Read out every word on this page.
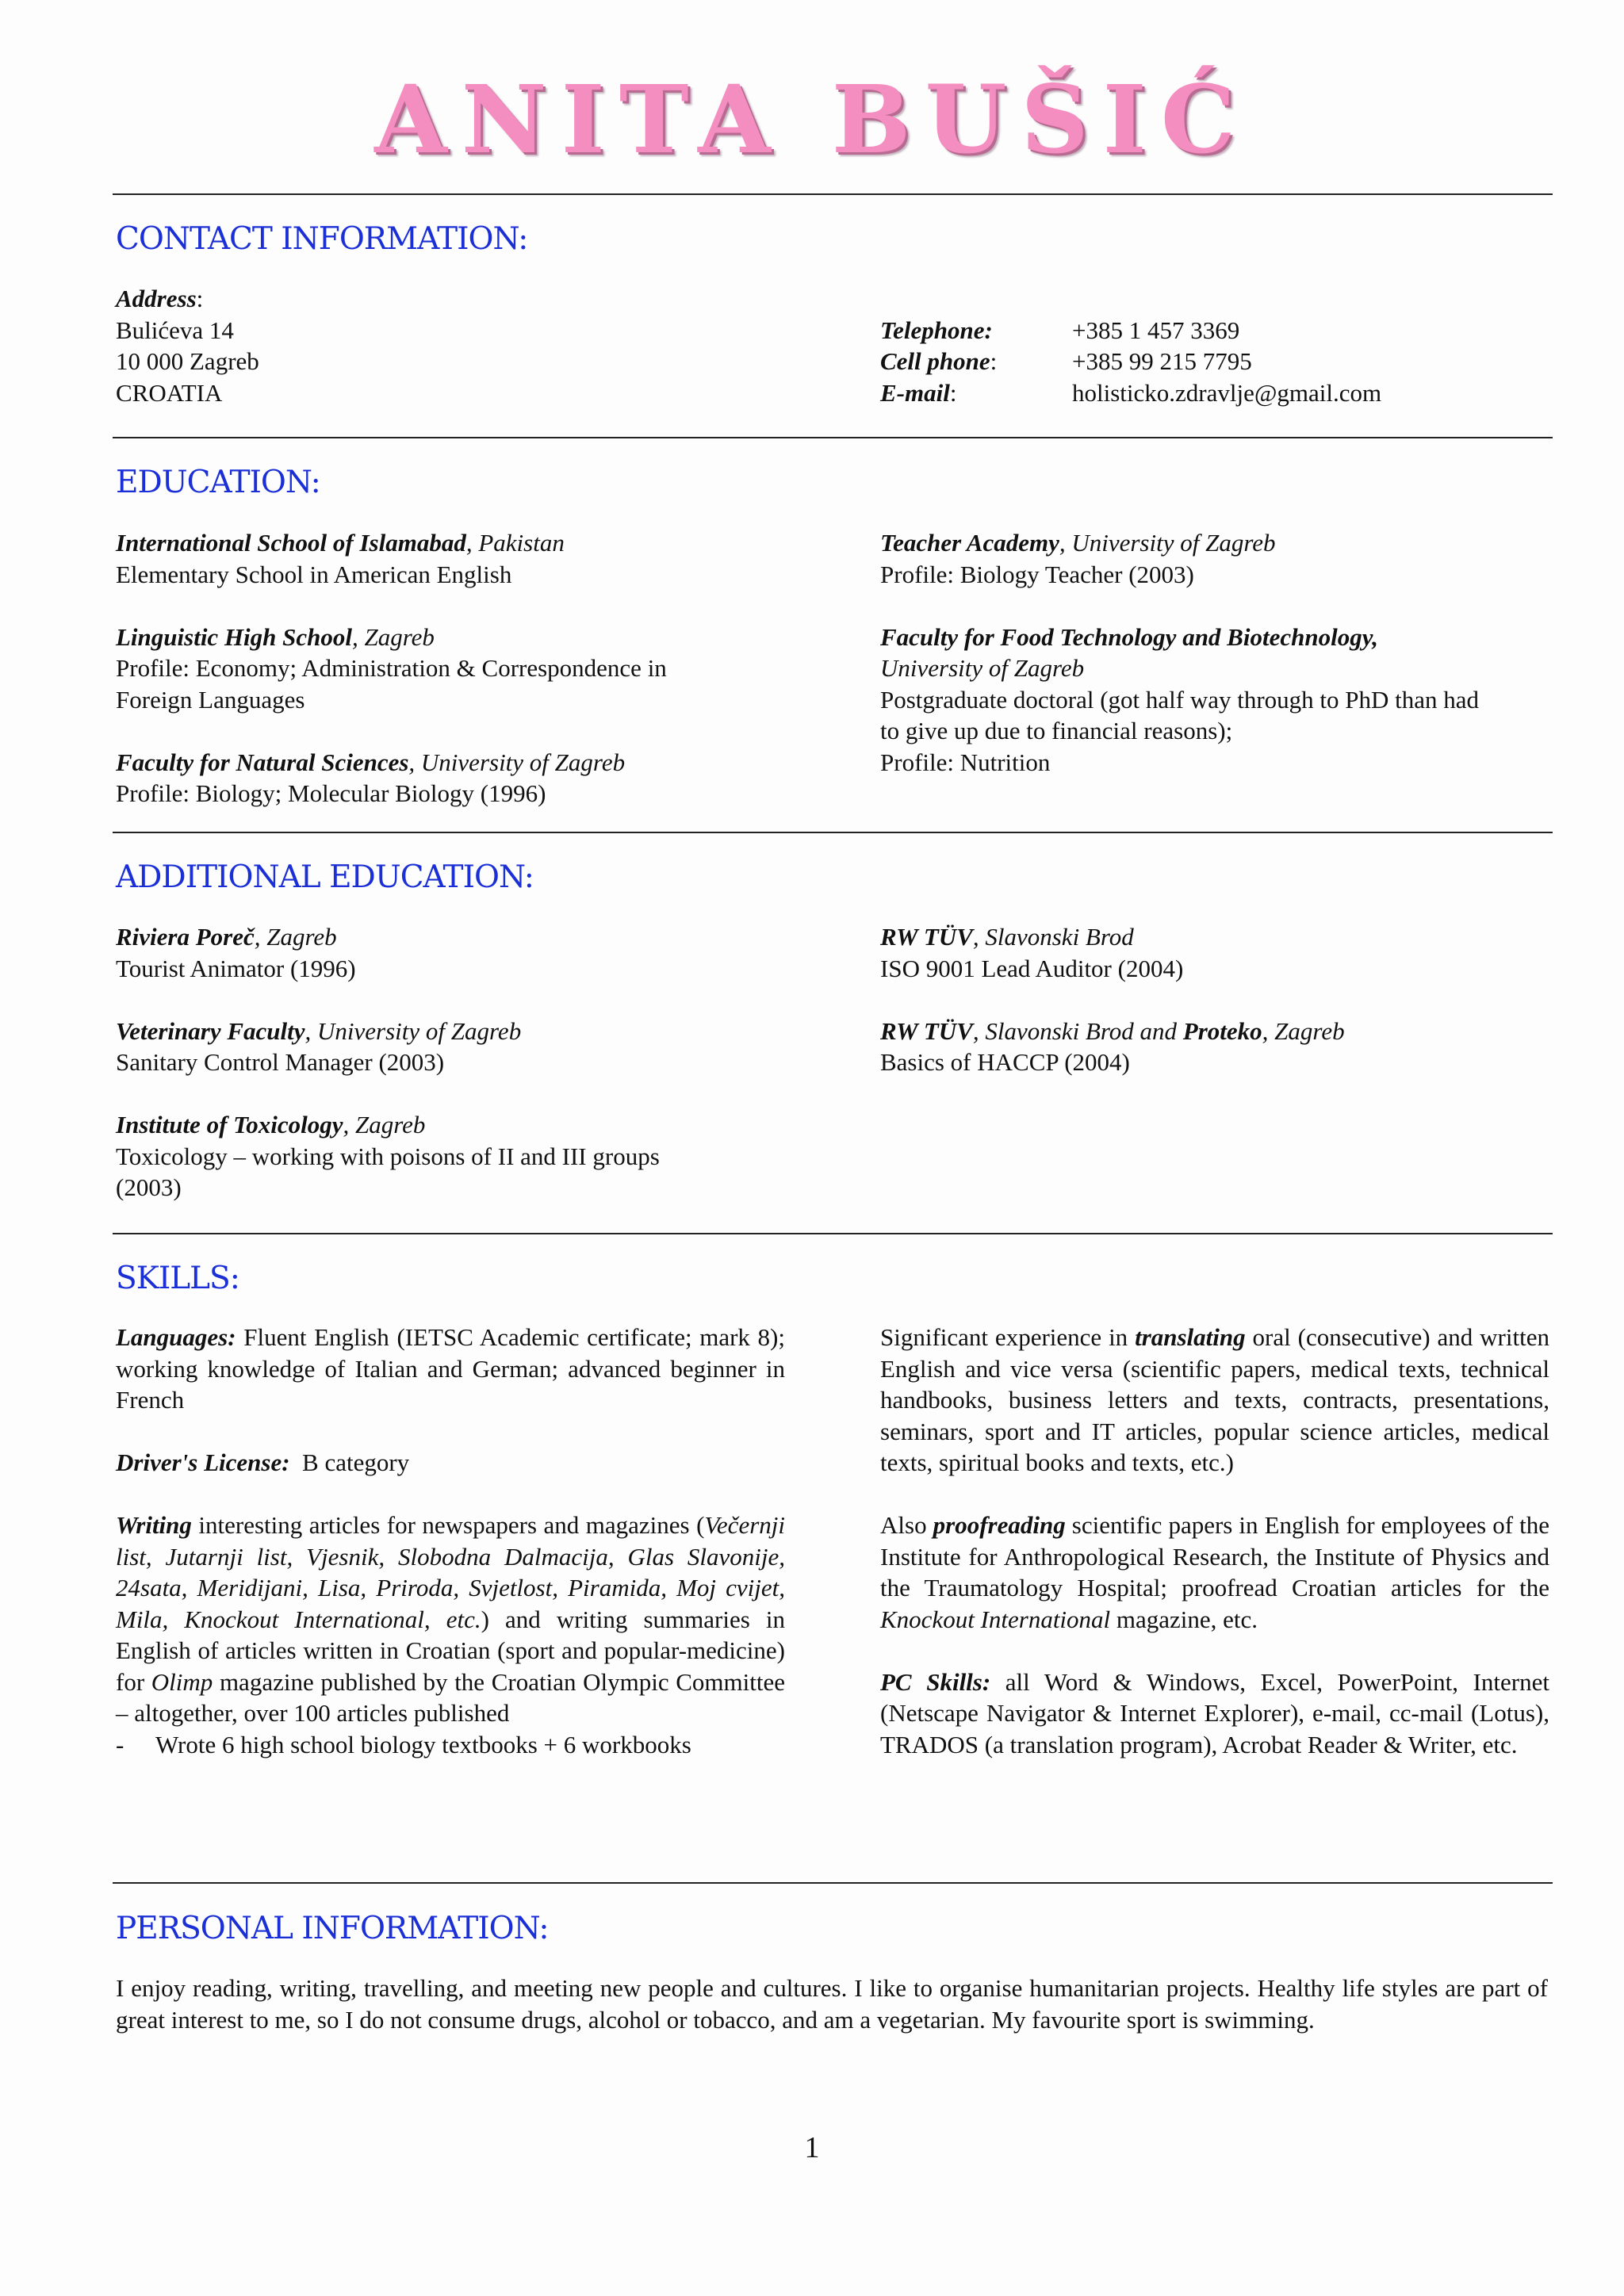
ANITA BUŠIĆ
CONTACT INFORMATION:
Address:
Bulićeva 14
10 000 Zagreb
CROATIA
Telephone:	+385 1 457 3369
Cell phone:	+385 99 215 7795
E-mail:	holisticko.zdravlje@gmail.com
EDUCATION:
International School of Islamabad, Pakistan
Elementary School in American English
Linguistic High School, Zagreb
Profile: Economy; Administration & Correspondence in
Foreign Languages
Faculty for Natural Sciences, University of Zagreb
Profile: Biology; Molecular Biology (1996)
Teacher Academy, University of Zagreb
Profile: Biology Teacher (2003)
Faculty for Food Technology and Biotechnology,
University of Zagreb
Postgraduate doctoral (got half way through to PhD than had
to give up due to financial reasons);
Profile: Nutrition
ADDITIONAL EDUCATION:
Riviera Poreč, Zagreb
Tourist Animator (1996)
Veterinary Faculty, University of Zagreb
Sanitary Control Manager (2003)
Institute of Toxicology, Zagreb
Toxicology – working with poisons of II and III groups
(2003)
RW TÜV, Slavonski Brod
ISO 9001 Lead Auditor (2004)
RW TÜV, Slavonski Brod and Proteko, Zagreb
Basics of HACCP (2004)
SKILLS:
Languages: Fluent English (IETSC Academic certificate; mark 8); working knowledge of Italian and German; advanced beginner in French
Driver's License:  B category
Writing interesting articles for newspapers and magazines (Večernji list, Jutarnji list, Vjesnik, Slobodna Dalmacija, Glas Slavonije, 24sata, Meridijani, Lisa, Priroda, Svjetlost, Piramida, Moj cvijet, Mila, Knockout International, etc.) and writing summaries in English of articles written in Croatian (sport and popular-medicine) for Olimp magazine published by the Croatian Olympic Committee – altogether, over 100 articles published
-	Wrote 6 high school biology textbooks + 6 workbooks
Significant experience in translating oral (consecutive) and written English and vice versa (scientific papers, medical texts, technical handbooks, business letters and texts, contracts, presentations, seminars, sport and IT articles, popular science articles, medical texts, spiritual books and texts, etc.)
Also proofreading scientific papers in English for employees of the Institute for Anthropological Research, the Institute of Physics and the Traumatology Hospital; proofread Croatian articles for the Knockout International magazine, etc.
PC Skills: all Word & Windows, Excel, PowerPoint, Internet (Netscape Navigator & Internet Explorer), e-mail, cc-mail (Lotus), TRADOS (a translation program), Acrobat Reader & Writer, etc.
PERSONAL INFORMATION:
I enjoy reading, writing, travelling, and meeting new people and cultures. I like to organise humanitarian projects. Healthy life styles are part of great interest to me, so I do not consume drugs, alcohol or tobacco, and am a vegetarian. My favourite sport is swimming.
1
